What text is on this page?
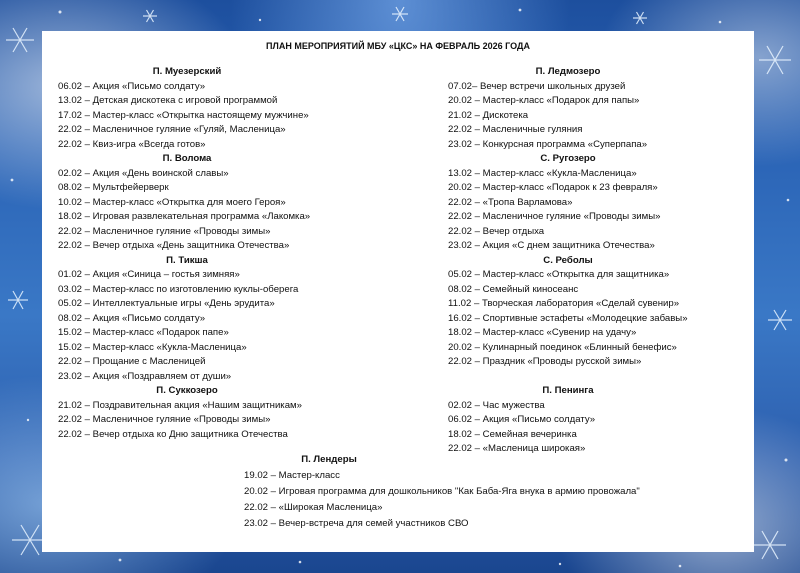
ПЛАН МЕРОПРИЯТИЙ МБУ «ЦКС» НА ФЕВРАЛЬ 2026 ГОДА
П. Муезерский
06.02 – Акция «Письмо солдату»
13.02 – Детская дискотека с игровой программой
17.02 – Мастер-класс «Открытка настоящему мужчине»
22.02 – Масленичное гуляние «Гуляй, Масленица»
22.02 – Квиз-игра «Всегда готов»
П. Волома
02.02 – Акция «День воинской славы»
08.02 – Мультфейерверк
10.02 – Мастер-класс «Открытка для моего Героя»
18.02 – Игровая развлекательная программа «Лакомка»
22.02 – Масленичное гуляние «Проводы зимы»
22.02 – Вечер отдыха «День защитника Отечества»
П. Тикша
01.02 – Акция «Синица – гостья зимняя»
03.02 – Мастер-класс по изготовлению куклы-оберега
05.02 – Интеллектуальные игры «День эрудита»
08.02 – Акция «Письмо солдату»
15.02 – Мастер-класс «Подарок папе»
15.02 – Мастер-класс «Кукла-Масленица»
22.02 – Прощание с Масленицей
23.02 – Акция «Поздравляем от души»
П. Суккозеро
21.02 – Поздравительная акция «Нашим защитникам»
22.02 – Масленичное гуляние «Проводы зимы»
22.02 – Вечер отдыха ко Дню защитника Отечества
П. Ледмозеро
07.02– Вечер встречи школьных друзей
20.02 – Мастер-класс «Подарок для папы»
21.02 – Дискотека
22.02 – Масленичные гуляния
23.02 – Конкурсная программа «Суперпапа»
С. Ругозеро
13.02 – Мастер-класс «Кукла-Масленица»
20.02 – Мастер-класс «Подарок к 23 февраля»
22.02 – «Тропа Варламова»
22.02 – Масленичное гуляние «Проводы зимы»
22.02 – Вечер отдыха
23.02 – Акция «С днем защитника Отечества»
С. Реболы
05.02 – Мастер-класс «Открытка для защитника»
08.02 – Семейный киносеанс
11.02 – Творческая лаборатория «Сделай сувенир»
16.02 – Спортивные эстафеты «Молодецкие забавы»
18.02 – Мастер-класс «Сувенир на удачу»
20.02 – Кулинарный поединок «Блинный бенефис»
22.02 – Праздник «Проводы русской зимы»
П. Пенинга
02.02 – Час мужества
06.02 – Акция «Письмо солдату»
18.02 – Семейная вечеринка
22.02 – «Масленица широкая»
П. Лендеры
19.02 – Мастер-класс
20.02 – Игровая программа для дошкольников "Как Баба-Яга внука в армию провожала"
22.02 – «Широкая Масленица»
23.02 – Вечер-встреча для семей участников СВО
